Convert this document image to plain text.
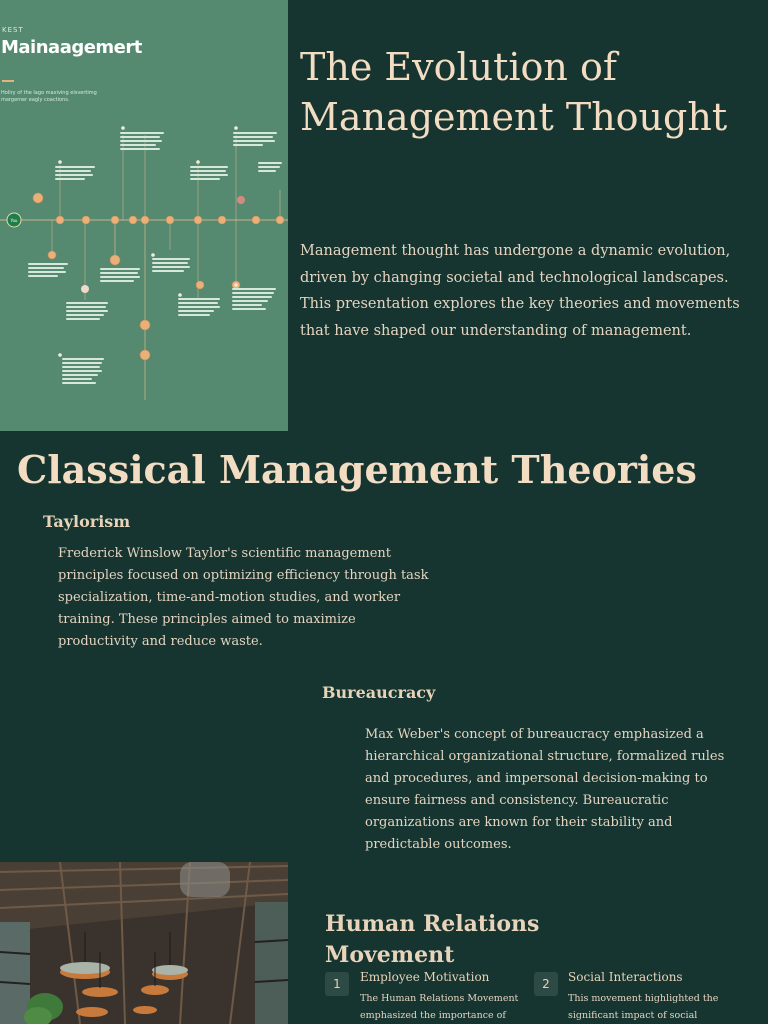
KEST
Mainaagemert
Holiry of the lago maxiving elsvertimg margemer eagly coactions.
You
The Evolution of Management Thought

Management thought has undergone a dynamic evolution, driven by changing societal and technological landscapes. This presentation explores the key theories and movements that have shaped our understanding of management.

Classical Management Theories
Taylorism

Frederick Winslow Taylor's scientific management principles focused on optimizing efficiency through task specialization, time-and-motion studies, and worker training. These principles aimed to maximize productivity and reduce waste.

Bureaucracy

Max Weber's concept of bureaucracy emphasized a hierarchical organizational structure, formalized rules and procedures, and impersonal decision-making to ensure fairness and consistency. Bureaucratic organizations are known for their stability and predictable outcomes.

Human Relations Movement
1	Employee Motivation
The Human Relations Movement emphasized the importance of
2	Social Interactions
This movement highlighted the significant impact of social
